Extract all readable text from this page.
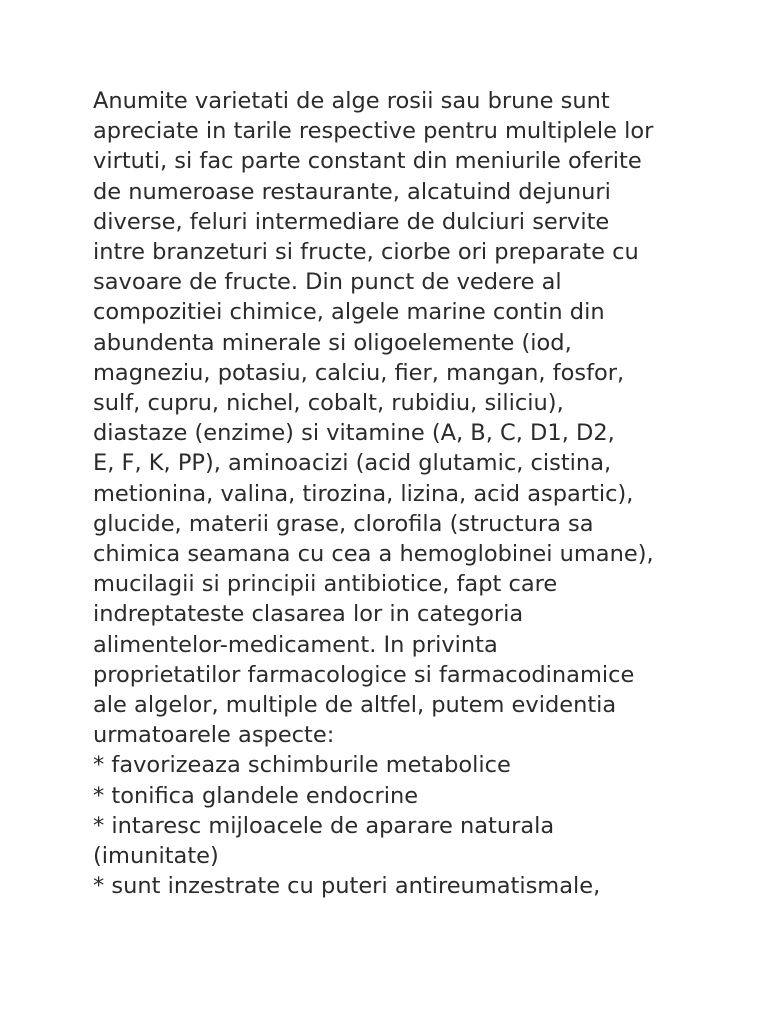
Anumite varietati de alge rosii sau brune sunt
apreciate in tarile respective pentru multiplele lor
virtuti, si fac parte constant din meniurile oferite
de numeroase restaurante, alcatuind dejunuri
diverse, feluri intermediare de dulciuri servite
intre branzeturi si fructe, ciorbe ori preparate cu
savoare de fructe. Din punct de vedere al
compozitiei chimice, algele marine contin din
abundenta minerale si oligoelemente (iod,
magneziu, potasiu, calciu, fier, mangan, fosfor,
sulf, cupru, nichel, cobalt, rubidiu, siliciu),
diastaze (enzime) si vitamine (A, B, C, D1, D2,
E, F, K, PP), aminoacizi (acid glutamic, cistina,
metionina, valina, tirozina, lizina, acid aspartic),
glucide, materii grase, clorofila (structura sa
chimica seamana cu cea a hemoglobinei umane),
mucilagii si principii antibiotice, fapt care
indreptateste clasarea lor in categoria
alimentelor-medicament. In privinta
proprietatilor farmacologice si farmacodinamice
ale algelor, multiple de altfel, putem evidentia
urmatoarele aspecte:
* favorizeaza schimburile metabolice
* tonifica glandele endocrine
* intaresc mijloacele de aparare naturala
(imunitate)
* sunt inzestrate cu puteri antireumatismale,
